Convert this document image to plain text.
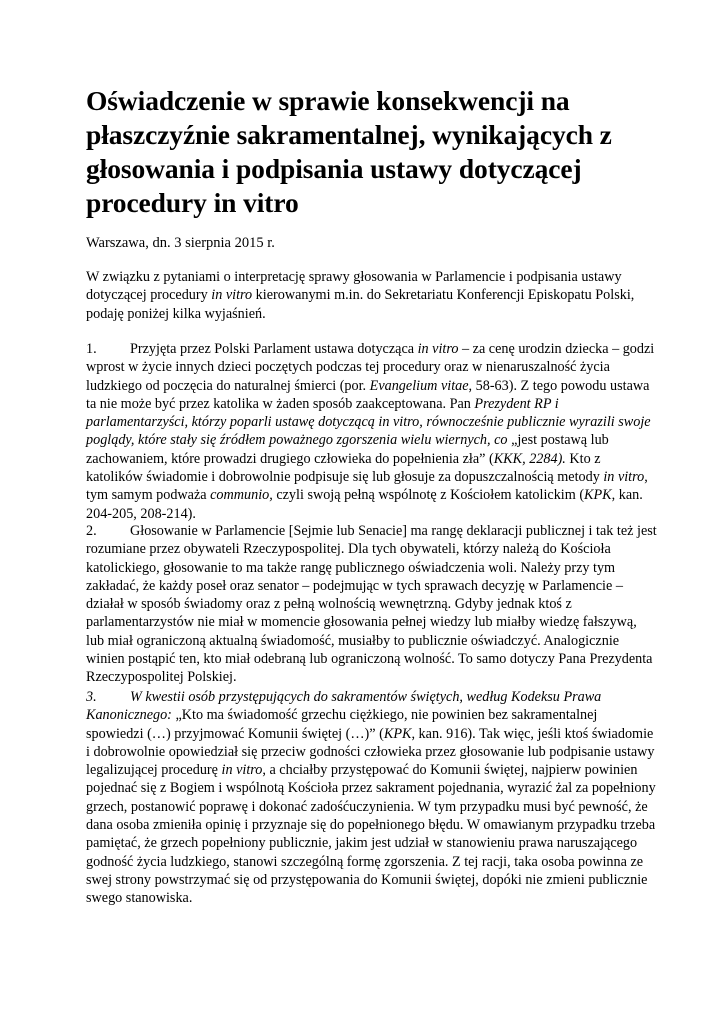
Oświadczenie w sprawie konsekwencji na płaszczyźnie sakramentalnej, wynikających z głosowania i podpisania ustawy dotyczącej procedury in vitro

Warszawa, dn. 3 sierpnia 2015 r.

W związku z pytaniami o interpretację sprawy głosowania w Parlamencie i podpisania ustawy dotyczącej procedury in vitro kierowanymi m.in. do Sekretariatu Konferencji Episkopatu Polski, podaję poniżej kilka wyjaśnień.

1. Przyjęta przez Polski Parlament ustawa dotycząca in vitro – za cenę urodzin dziecka – godzi wprost w życie innych dzieci poczętych podczas tej procedury oraz w nienaruszalność życia ludzkiego od poczęcia do naturalnej śmierci (por. Evangelium vitae, 58-63). Z tego powodu ustawa ta nie może być przez katolika w żaden sposób zaakceptowana. Pan Prezydent RP i parlamentarzyści, którzy poparli ustawę dotyczącą in vitro, równocześnie publicznie wyrazili swoje poglądy, które stały się źródłem poważnego zgorszenia wielu wiernych, co „jest postawą lub zachowaniem, które prowadzi drugiego człowieka do popełnienia zła” (KKK, 2284). Kto z katolików świadomie i dobrowolnie podpisuje się lub głosuje za dopuszczalnością metody in vitro, tym samym podważa communio, czyli swoją pełną wspólnotę z Kościołem katolickim (KPK, kan. 204-205, 208-214).

2. Głosowanie w Parlamencie [Sejmie lub Senacie] ma rangę deklaracji publicznej i tak też jest rozumiane przez obywateli Rzeczypospolitej. Dla tych obywateli, którzy należą do Kościoła katolickiego, głosowanie to ma także rangę publicznego oświadczenia woli. Należy przy tym zakładać, że każdy poseł oraz senator – podejmując w tych sprawach decyzję w Parlamencie – działał w sposób świadomy oraz z pełną wolnością wewnętrzną. Gdyby jednak ktoś z parlamentarzystów nie miał w momencie głosowania pełnej wiedzy lub miałby wiedzę fałszywą, lub miał ograniczoną aktualną świadomość, musiałby to publicznie oświadczyć. Analogicznie winien postąpić ten, kto miał odebraną lub ograniczoną wolność. To samo dotyczy Pana Prezydenta Rzeczypospolitej Polskiej.

3. W kwestii osób przystępujących do sakramentów świętych, według Kodeksu Prawa Kanonicznego: „Kto ma świadomość grzechu ciężkiego, nie powinien bez sakramentalnej spowiedzi (…) przyjmować Komunii świętej (…)” (KPK, kan. 916). Tak więc, jeśli ktoś świadomie i dobrowolnie opowiedział się przeciw godności człowieka przez głosowanie lub podpisanie ustawy legalizującej procedurę in vitro, a chciałby przystępować do Komunii świętej, najpierw powinien pojednać się z Bogiem i wspólnotą Kościoła przez sakrament pojednania, wyrazić żal za popełniony grzech, postanowić poprawę i dokonać zadośćuczynienia. W tym przypadku musi być pewność, że dana osoba zmieniła opinię i przyznaje się do popełnionego błędu. W omawianym przypadku trzeba pamiętać, że grzech popełniony publicznie, jakim jest udział w stanowieniu prawa naruszającego godność życia ludzkiego, stanowi szczególną formę zgorszenia. Z tej racji, taka osoba powinna ze swej strony powstrzymać się od przystępowania do Komunii świętej, dopóki nie zmieni publicznie swego stanowiska.
